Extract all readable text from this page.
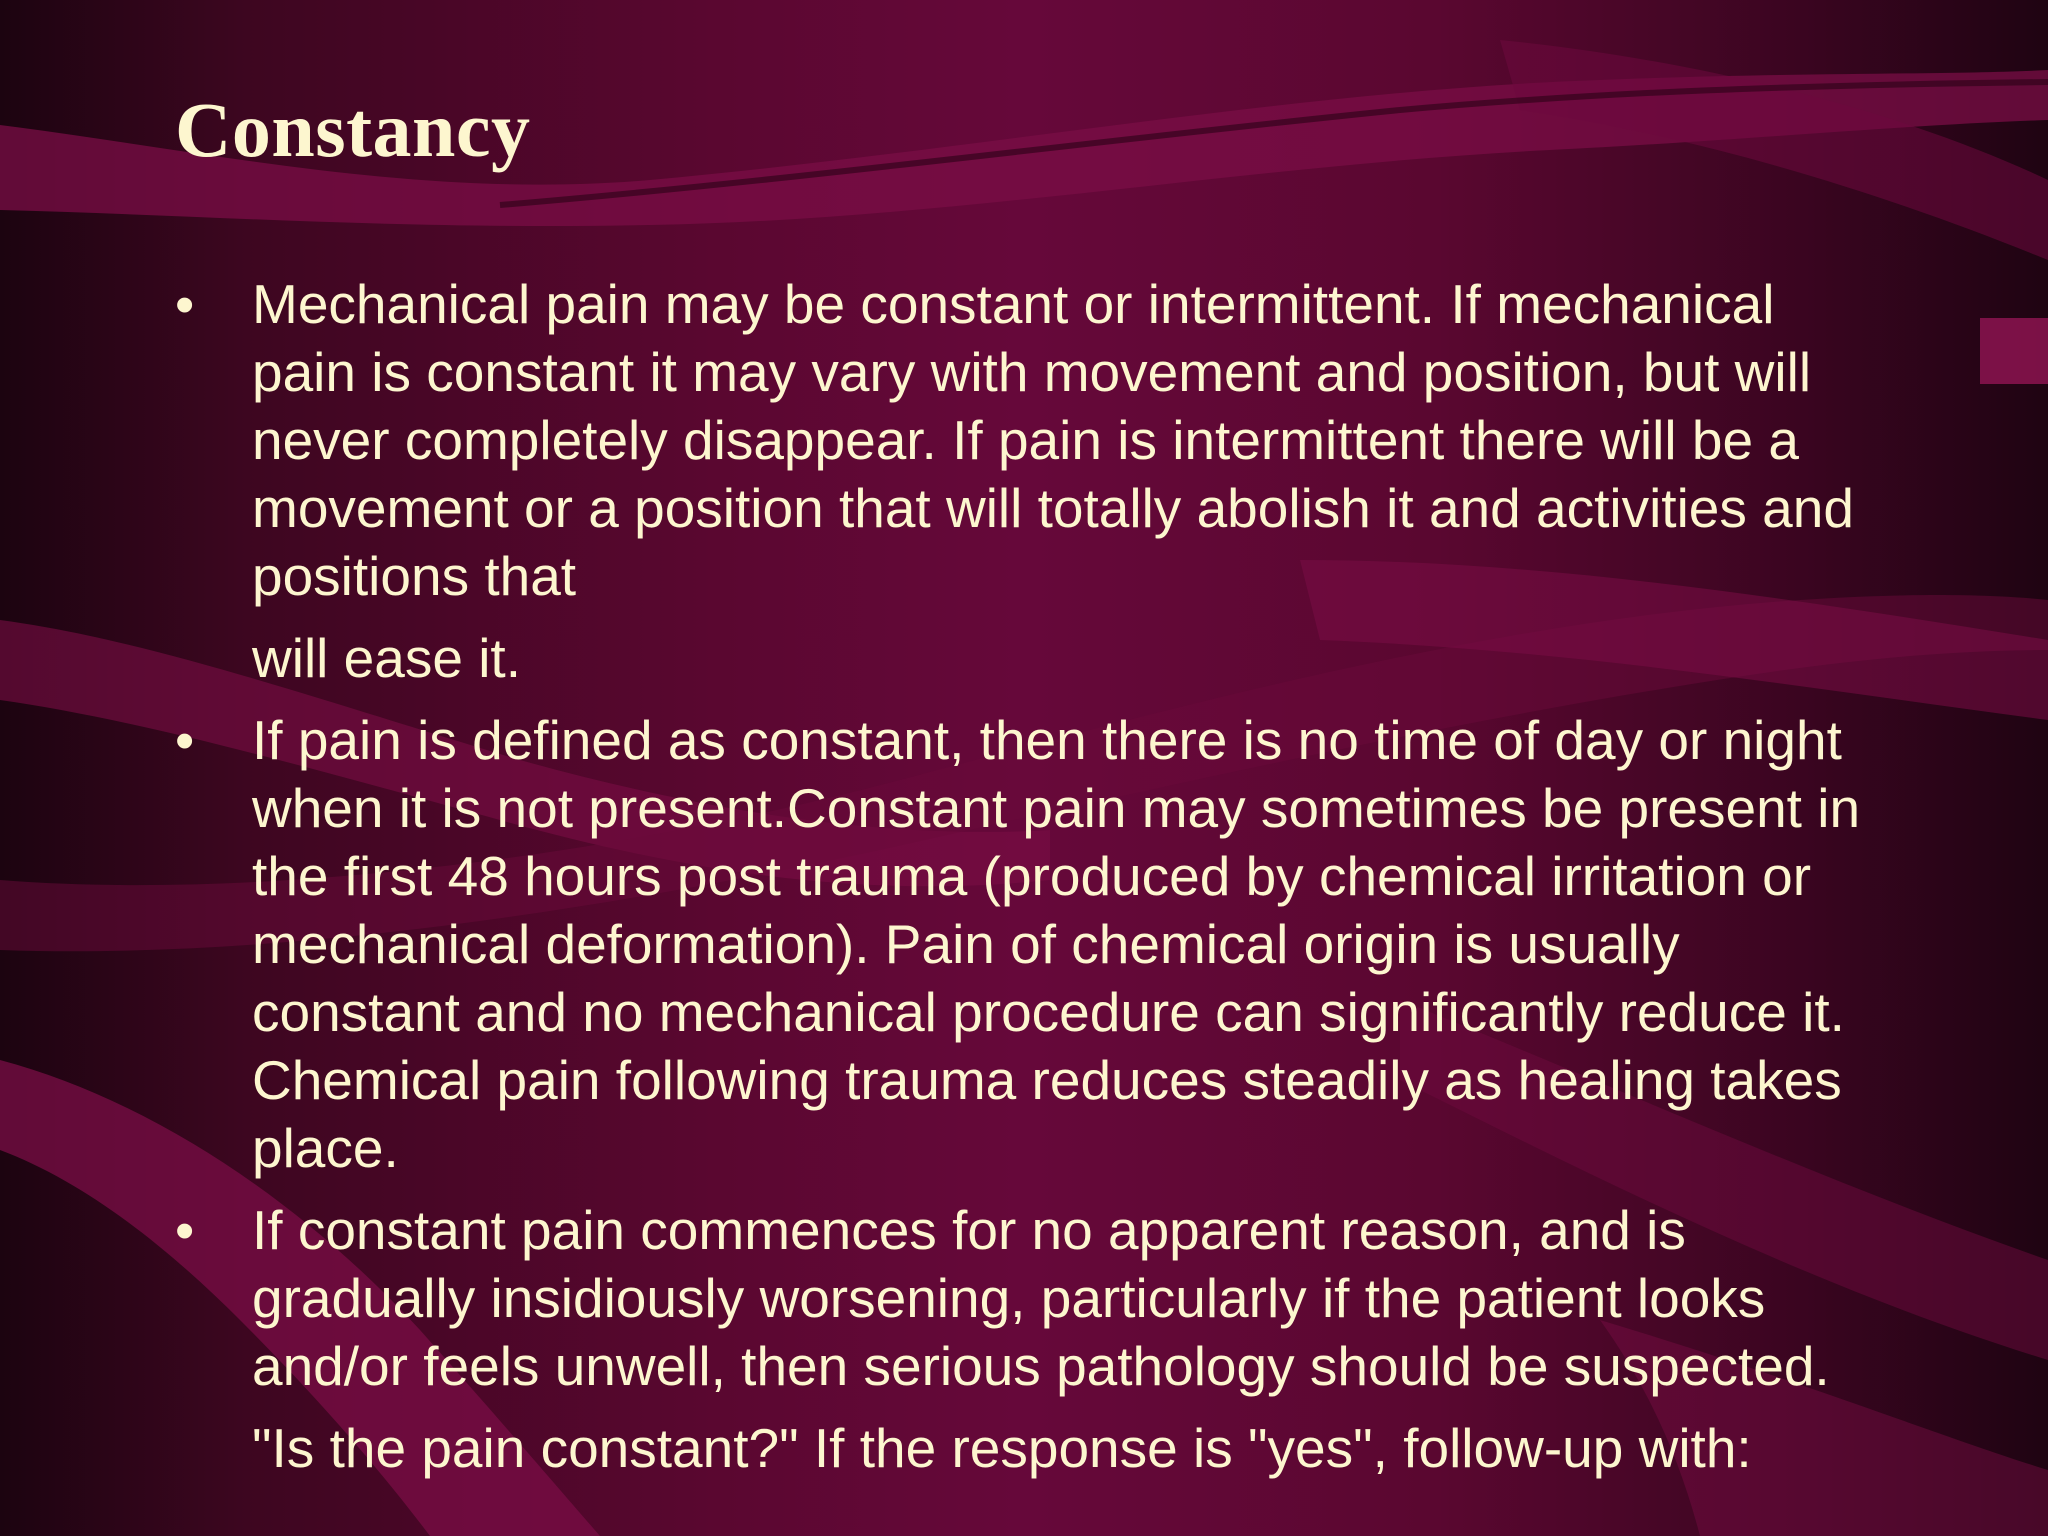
Constancy
•	Mechanical pain may be constant or intermittent. If mechanical pain is constant it may vary with movement and position, but will never completely disappear. If pain is intermittent there will be a movement or a position that will totally abolish it and activities and positions that
will ease it.
•	If pain is defined as constant, then there is no time of day or night when it is not present.Constant pain may sometimes be present in the first 48 hours post trauma (produced by chemical irritation or mechanical deformation). Pain of chemical origin is usually constant and no mechanical procedure can significantly reduce it. Chemical pain following trauma reduces steadily as healing takes place.
•	If constant pain commences for no apparent reason, and is gradually insidiously worsening, particularly if the patient looks and/or feels unwell, then serious pathology should be suspected.
"Is the pain constant?" If the response is "yes", follow-up with:
